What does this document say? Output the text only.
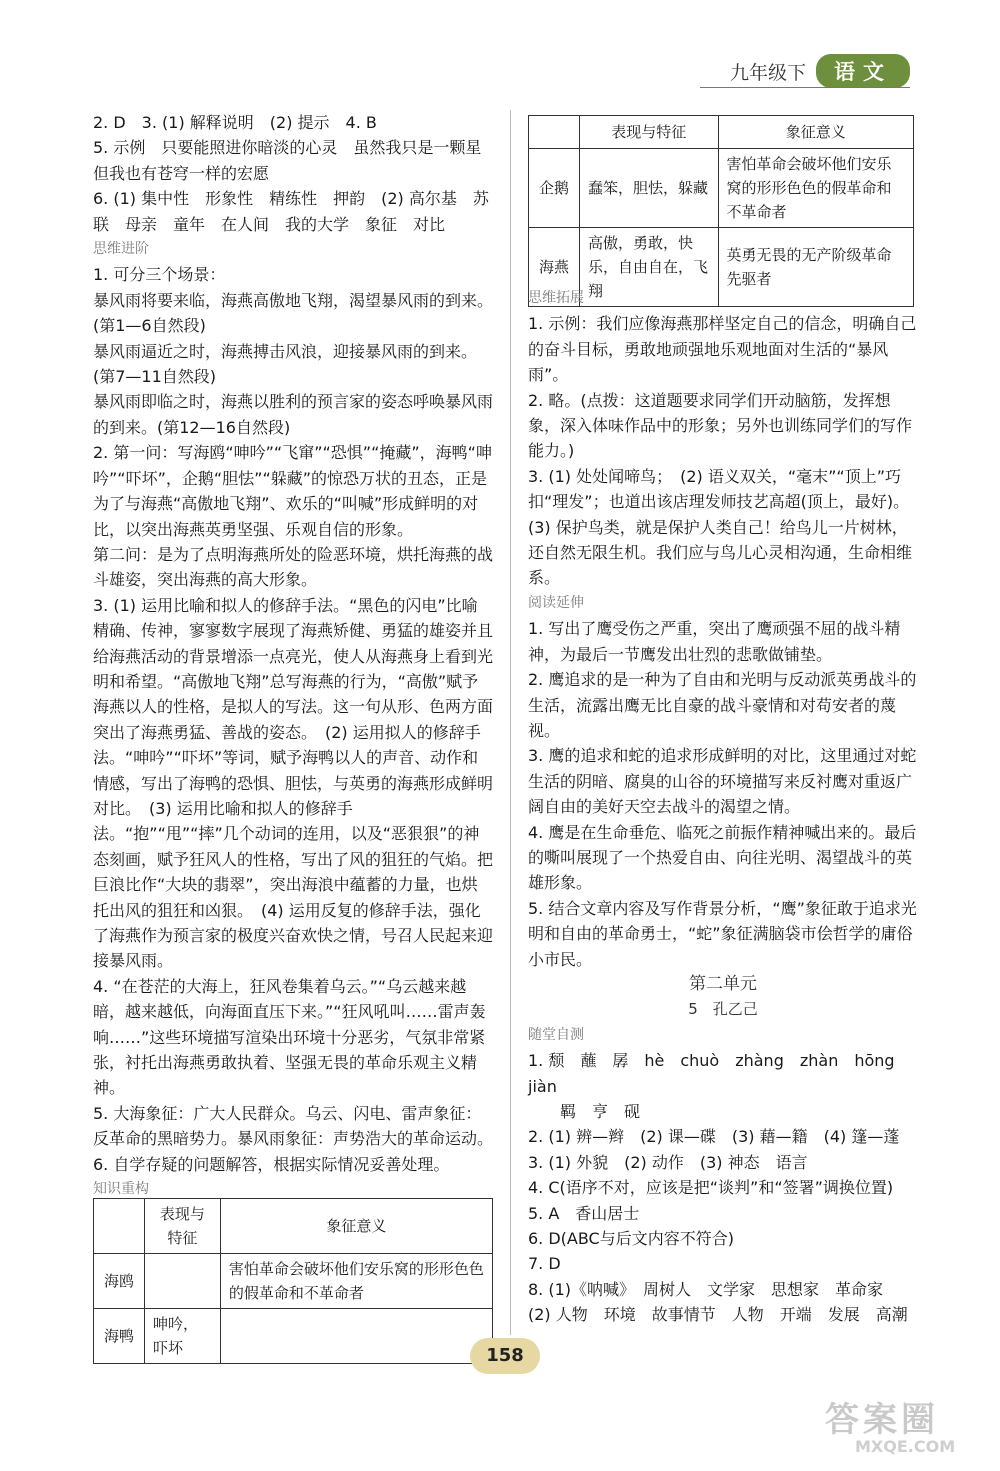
九年级下	语文

2. D　3. (1) 解释说明　(2) 提示　4. B

5. 示例　只要能照进你暗淡的心灵　虽然我只是一颗星　但我也有苍穹一样的宏愿

6. (1) 集中性　形象性　精练性　押韵　(2) 高尔基　苏联　母亲　童年　在人间　我的大学　象征　对比

思维进阶

1. 可分三个场景：

暴风雨将要来临，海燕高傲地飞翔，渴望暴风雨的到来。(第1—6自然段)

暴风雨逼近之时，海燕搏击风浪，迎接暴风雨的到来。(第7—11自然段)

暴风雨即临之时，海燕以胜利的预言家的姿态呼唤暴风雨的到来。(第12—16自然段)

2. 第一问：写海鸥“呻吟”“飞窜”“恐惧”“掩藏”，海鸭“呻吟”“吓坏”，企鹅“胆怯”“躲藏”的惊恐万状的丑态，正是为了与海燕“高傲地飞翔”、欢乐的“叫喊”形成鲜明的对比，以突出海燕英勇坚强、乐观自信的形象。

第二问：是为了点明海燕所处的险恶环境，烘托海燕的战斗雄姿，突出海燕的高大形象。

3. (1) 运用比喻和拟人的修辞手法。“黑色的闪电”比喻精确、传神，寥寥数字展现了海燕矫健、勇猛的雄姿并且给海燕活动的背景增添一点亮光，使人从海燕身上看到光明和希望。“高傲地飞翔”总写海燕的行为，“高傲”赋予海燕以人的性格，是拟人的写法。这一句从形、色两方面突出了海燕勇猛、善战的姿态。　(2) 运用拟人的修辞手法。“呻吟”“吓坏”等词，赋予海鸭以人的声音、动作和情感，写出了海鸭的恐惧、胆怯，与英勇的海燕形成鲜明对比。　(3) 运用比喻和拟人的修辞手法。“抱”“甩”“摔”几个动词的连用，以及“恶狠狠”的神态刻画，赋予狂风人的性格，写出了风的狙狂的气焰。把巨浪比作“大块的翡翠”，突出海浪中蕴蓄的力量，也烘托出风的狙狂和凶狠。　(4) 运用反复的修辞手法，强化了海燕作为预言家的极度兴奋欢快之情，号召人民起来迎接暴风雨。

4. “在苍茫的大海上，狂风卷集着乌云。”“乌云越来越暗，越来越低，向海面直压下来。”“狂风吼叫……雷声轰响……”这些环境描写渲染出环境十分恶劣，气氛非常紧张，衬托出海燕勇敢执着、坚强无畏的革命乐观主义精神。

5. 大海象征：广大人民群众。乌云、闪电、雷声象征：反革命的黑暗势力。暴风雨象征：声势浩大的革命运动。

6. 自学存疑的问题解答，根据实际情况妥善处理。

知识重构

	表现与特征	象征意义
海鸥		害怕革命会破坏他们安乐窝的形形色色的假革命和不革命者
海鸭	呻吟，吓坏	
	表现与特征	象征意义
企鹅	蠢笨，胆怯，躲藏	害怕革命会破坏他们安乐窝的形形色色的假革命和不革命者
海燕	高傲，勇敢，快乐，自由自在，飞翔	英勇无畏的无产阶级革命先驱者

思维拓展

1. 示例：我们应像海燕那样坚定自己的信念，明确自己的奋斗目标，勇敢地顽强地乐观地面对生活的“暴风雨”。

2. 略。(点拨：这道题要求同学们开动脑筋，发挥想象，深入体味作品中的形象；另外也训练同学们的写作能力。)

3. (1) 处处闻啼鸟；　(2) 语义双关，“毫末”“顶上”巧扣“理发”；也道出该店理发师技艺高超(顶上，最好)。

(3) 保护鸟类，就是保护人类自己！给鸟儿一片树林，还自然无限生机。我们应与鸟儿心灵相沟通，生命相维系。

阅读延伸

1. 写出了鹰受伤之严重，突出了鹰顽强不屈的战斗精神，为最后一节鹰发出壮烈的悲歌做铺垫。

2. 鹰追求的是一种为了自由和光明与反动派英勇战斗的生活，流露出鹰无比自豪的战斗豪情和对苟安者的蔑视。

3. 鹰的追求和蛇的追求形成鲜明的对比，这里通过对蛇生活的阴暗、腐臭的山谷的环境描写来反衬鹰对重返广阔自由的美好天空去战斗的渴望之情。

4. 鹰是在生命垂危、临死之前振作精神喊出来的。最后的嘶叫展现了一个热爱自由、向往光明、渴望战斗的英雄形象。

5. 结合文章内容及写作背景分析，“鹰”象征敢于追求光明和自由的革命勇士，“蛇”象征满脑袋市侩哲学的庸俗小市民。

第二单元

5　孔乙己

随堂自测

1. 颓　蘸　孱　hè　chuò　zhàng　zhàn　hōng　jiàn

　　羁　亨　砚

2. (1) 辨—辫　(2) 课—碟　(3) 藉—籍　(4) 篷—蓬

3. (1) 外貌　(2) 动作　(3) 神态　语言

4. C(语序不对，应该是把“谈判”和“签署”调换位置)

5. A　香山居士

6. D(ABC与后文内容不符合)

7. D

8. (1)《呐喊》　周树人　文学家　思想家　革命家

(2) 人物　环境　故事情节　人物　开端　发展　高潮

158
答案圈
MXQE.COM
